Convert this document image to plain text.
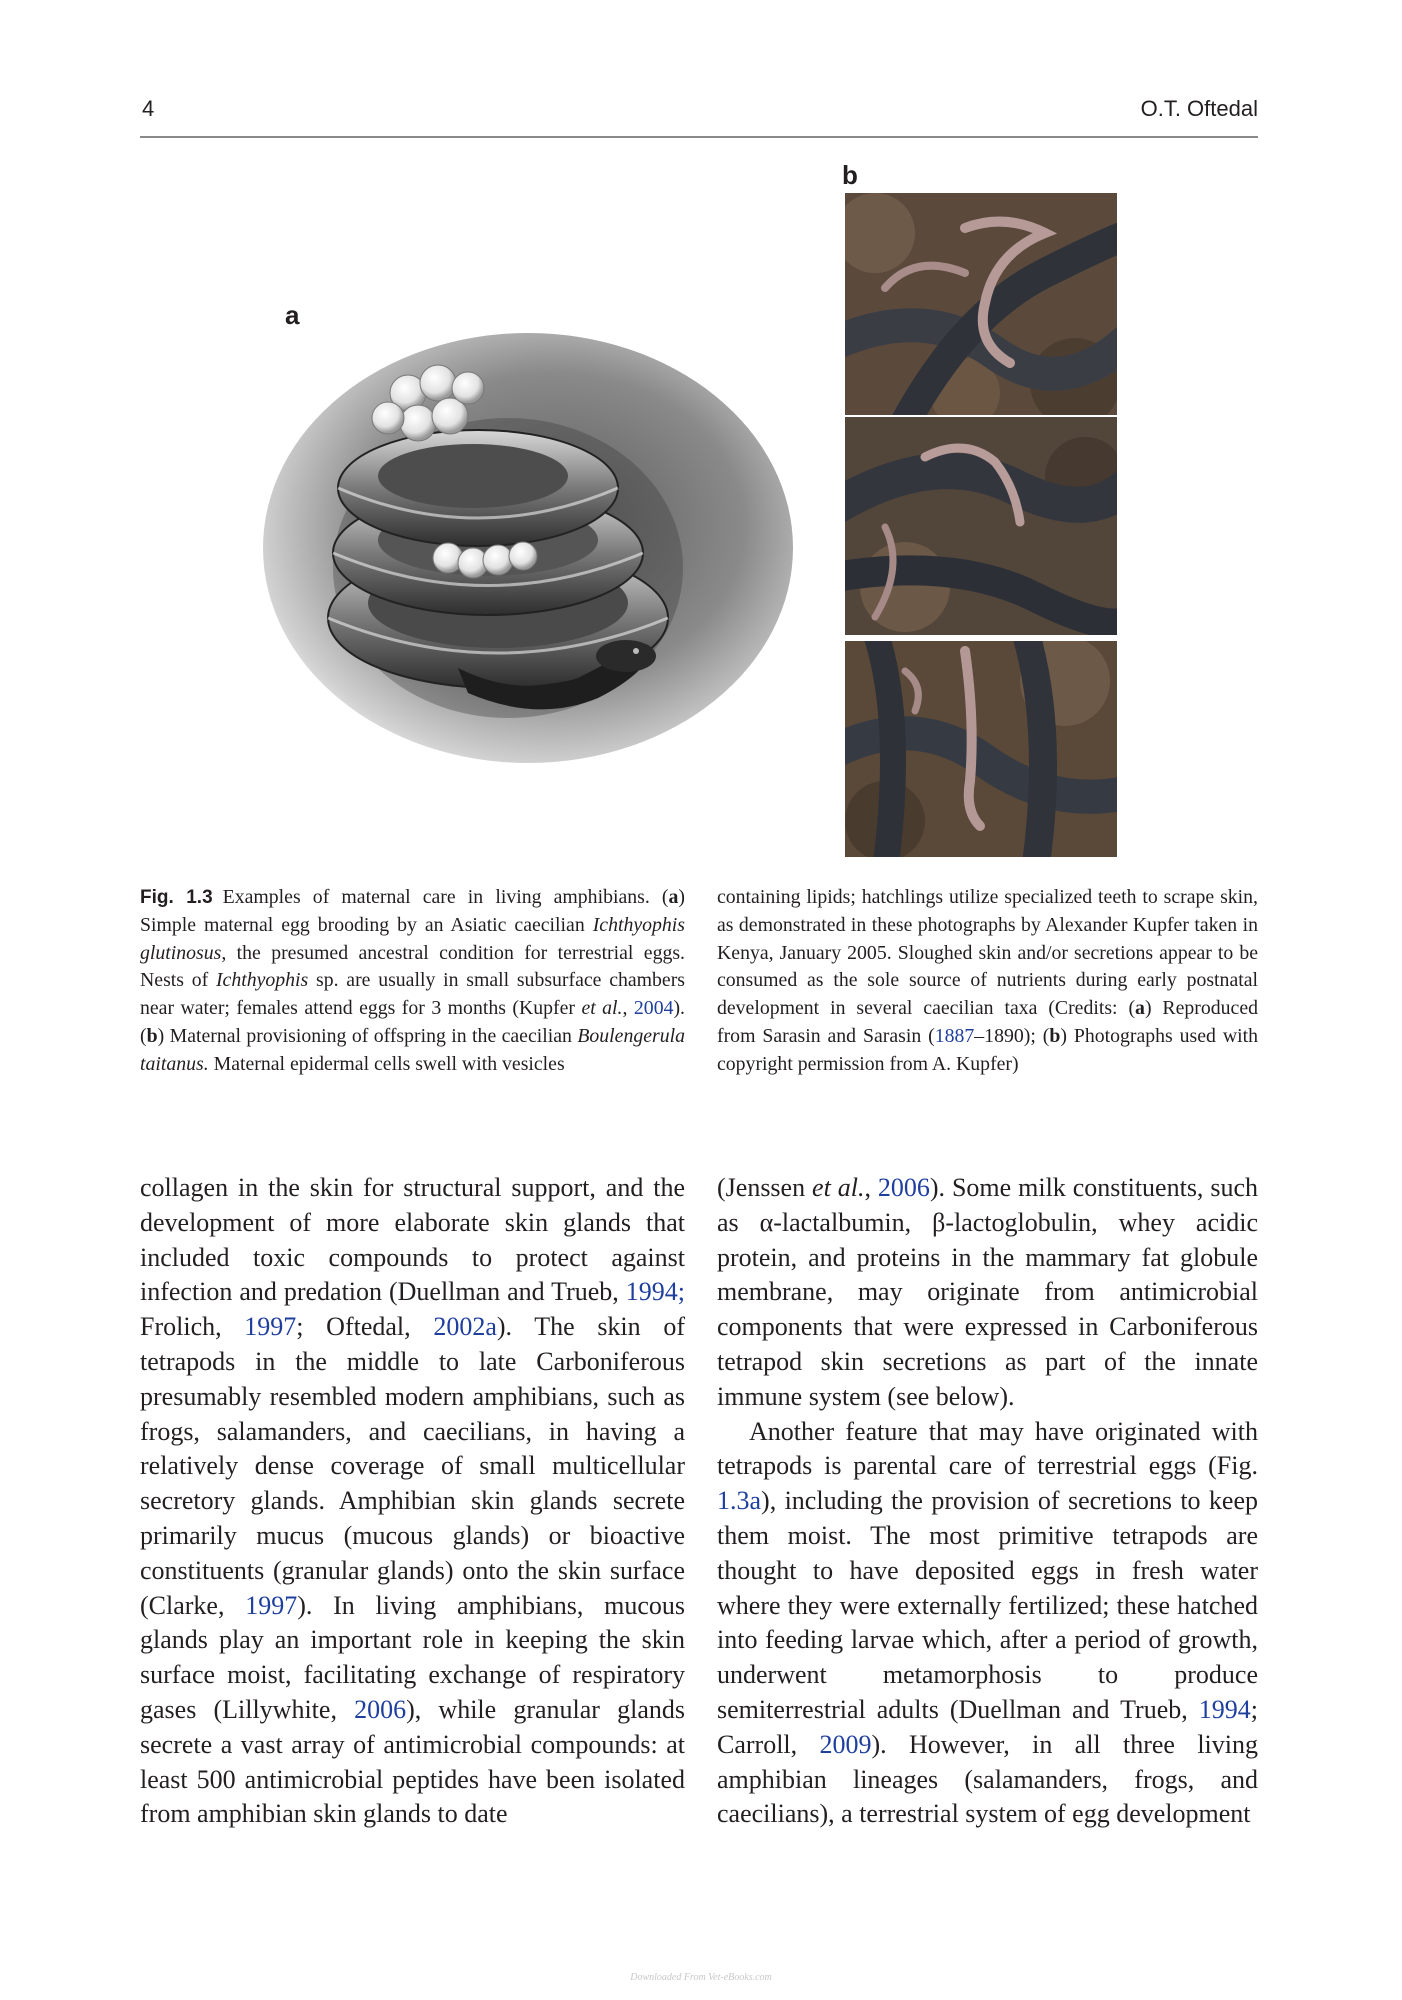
4	O.T. Oftedal
a
b
Fig. 1.3 Examples of maternal care in living amphibians. (a) Simple maternal egg brooding by an Asiatic caecilian Ichthyophis glutinosus, the presumed ancestral condition for terrestrial eggs. Nests of Ichthyophis sp. are usually in small subsurface chambers near water; females attend eggs for 3 months (Kupfer et al., 2004). (b) Maternal provisioning of offspring in the caecilian Boulengerula taitanus. Maternal epidermal cells swell with vesicles
containing lipids; hatchlings utilize specialized teeth to scrape skin, as demonstrated in these photographs by Alexander Kupfer taken in Kenya, January 2005. Sloughed skin and/or secretions appear to be consumed as the sole source of nutrients during early postnatal development in several caecilian taxa (Credits: (a) Reproduced from Sarasin and Sarasin (1887–1890); (b) Photographs used with copyright permission from A. Kupfer)

collagen in the skin for structural support, and the development of more elaborate skin glands that included toxic compounds to protect against infection and predation (Duellman and Trueb, 1994; Frolich, 1997; Oftedal, 2002a). The skin of tetrapods in the middle to late Carboniferous presumably resembled modern amphibians, such as frogs, salamanders, and caecilians, in having a relatively dense coverage of small multicellular secretory glands. Amphibian skin glands secrete primarily mucus (mucous glands) or bioactive constituents (granular glands) onto the skin surface (Clarke, 1997). In living amphibians, mucous glands play an important role in keeping the skin surface moist, facilitating exchange of respiratory gases (Lillywhite, 2006), while granular glands secrete a vast array of antimicrobial compounds: at least 500 antimicrobial peptides have been isolated from amphibian skin glands to date

(Jenssen et al., 2006). Some milk constituents, such as α-lactalbumin, β-lactoglobulin, whey acidic protein, and proteins in the mammary fat globule membrane, may originate from antimicrobial components that were expressed in Carboniferous tetrapod skin secretions as part of the innate immune system (see below).

Another feature that may have originated with tetrapods is parental care of terrestrial eggs (Fig. 1.3a), including the provision of secretions to keep them moist. The most primitive tetrapods are thought to have deposited eggs in fresh water where they were externally fertilized; these hatched into feeding larvae which, after a period of growth, underwent metamorphosis to produce semiterrestrial adults (Duellman and Trueb, 1994; Carroll, 2009). However, in all three living amphibian lineages (salamanders, frogs, and caecilians), a terrestrial system of egg development

Downloaded From Vet-eBooks.com
